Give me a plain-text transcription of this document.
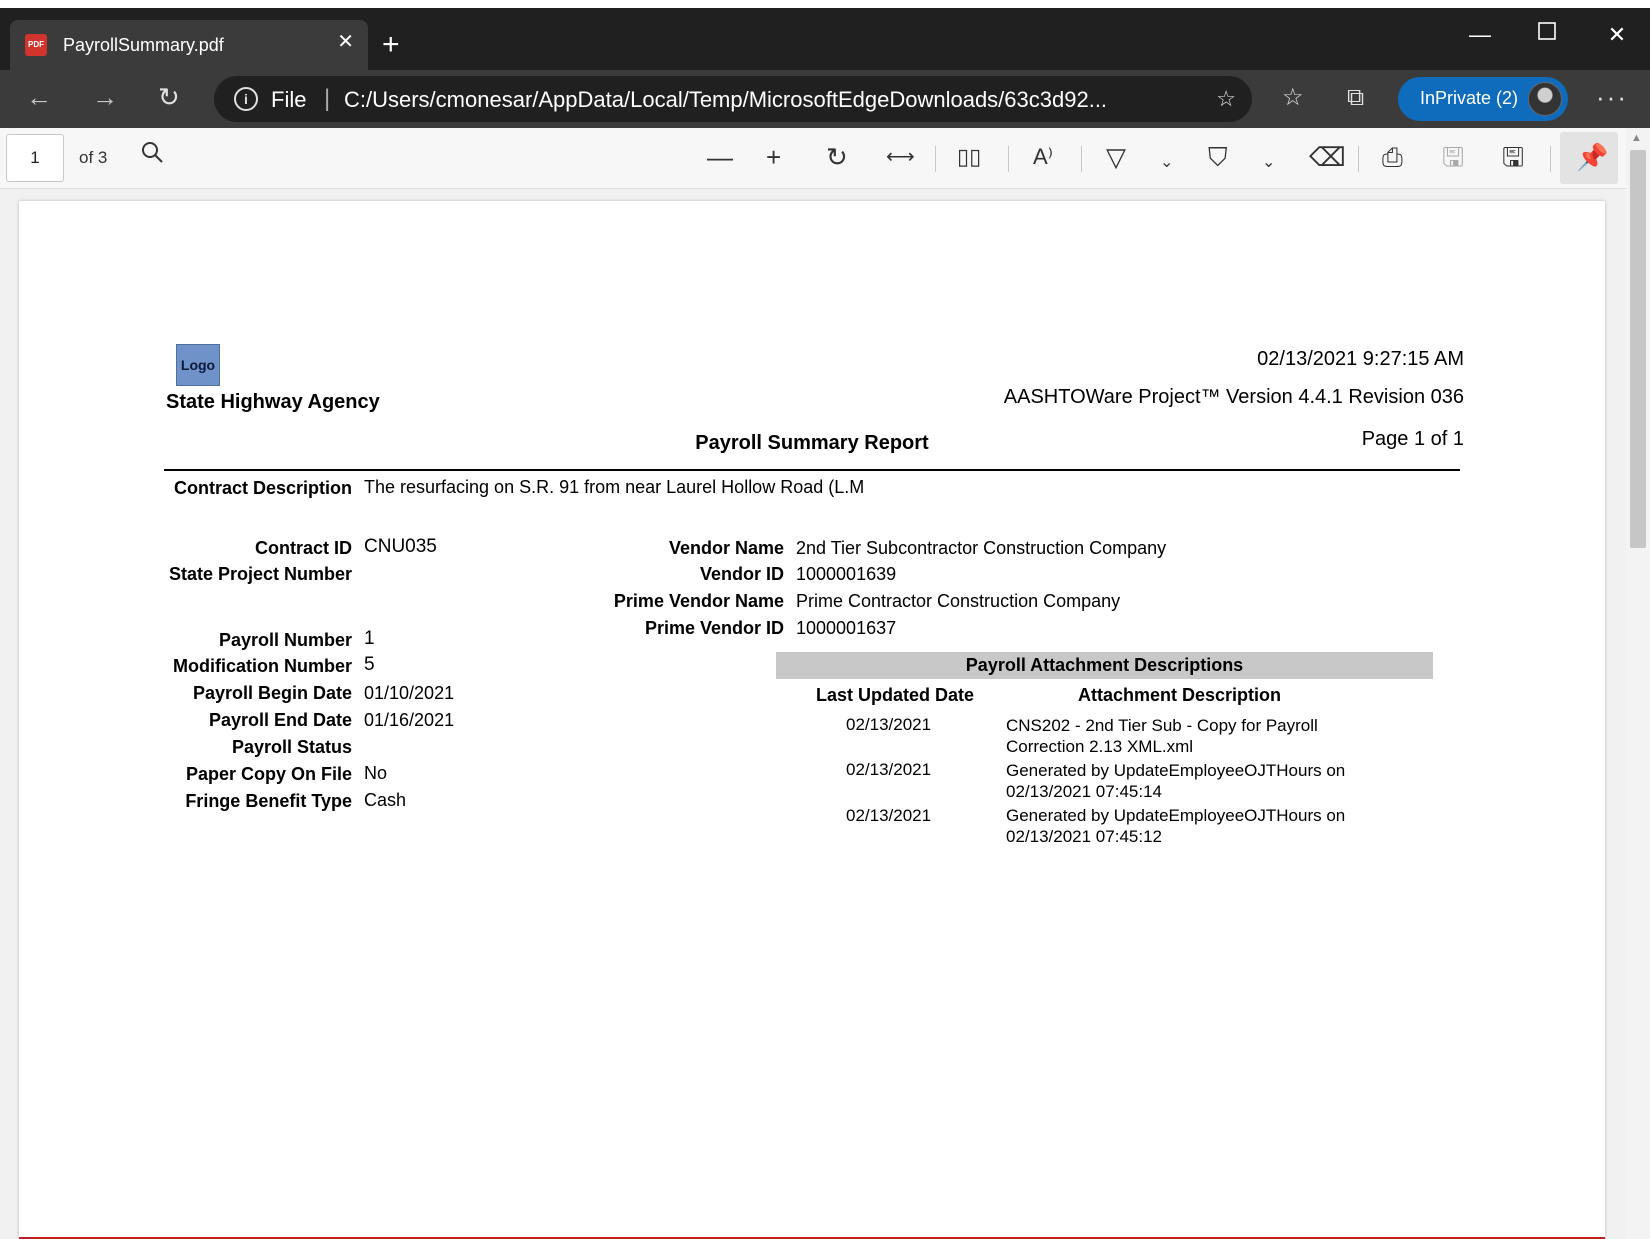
PDF PayrollSummary.pdf	✕ +	—	✕
← → ↻	i	File | C:/Users/cmonesar/AppData/Local/Temp/MicrosoftEdgeDownloads/63c3d92...	☆ ☆ ⧉	InPrivate (2)	···
1	of 3	— + ↻ ⟷ ▯▯ A⁾ ▽ ⌄ ⛉ ⌄ ⌫ ⎙ 🖫 🖫 📌
▲
Logo
State Highway Agency
02/13/2021 9:27:15 AM
AASHTOWare Project™ Version 4.4.1 Revision 036
Payroll Summary Report	Page 1 of 1
Contract Description The resurfacing on S.R. 91 from near Laurel Hollow Road (L.M
Contract ID CNU035
State Project Number
Payroll Number 1
Modification Number 5
Payroll Begin Date 01/10/2021
Payroll End Date 01/16/2021
Payroll Status
Paper Copy On File No
Fringe Benefit Type Cash
Vendor Name 2nd Tier Subcontractor Construction Company
Vendor ID 1000001639
Prime Vendor Name Prime Contractor Construction Company
Prime Vendor ID 1000001637
Payroll Attachment Descriptions
Last Updated Date	Attachment Description
02/13/2021	CNS202 - 2nd Tier Sub - Copy for Payroll
Correction 2.13 XML.xml
02/13/2021	Generated by UpdateEmployeeOJTHours on
02/13/2021 07:45:14
02/13/2021	Generated by UpdateEmployeeOJTHours on
02/13/2021 07:45:12
